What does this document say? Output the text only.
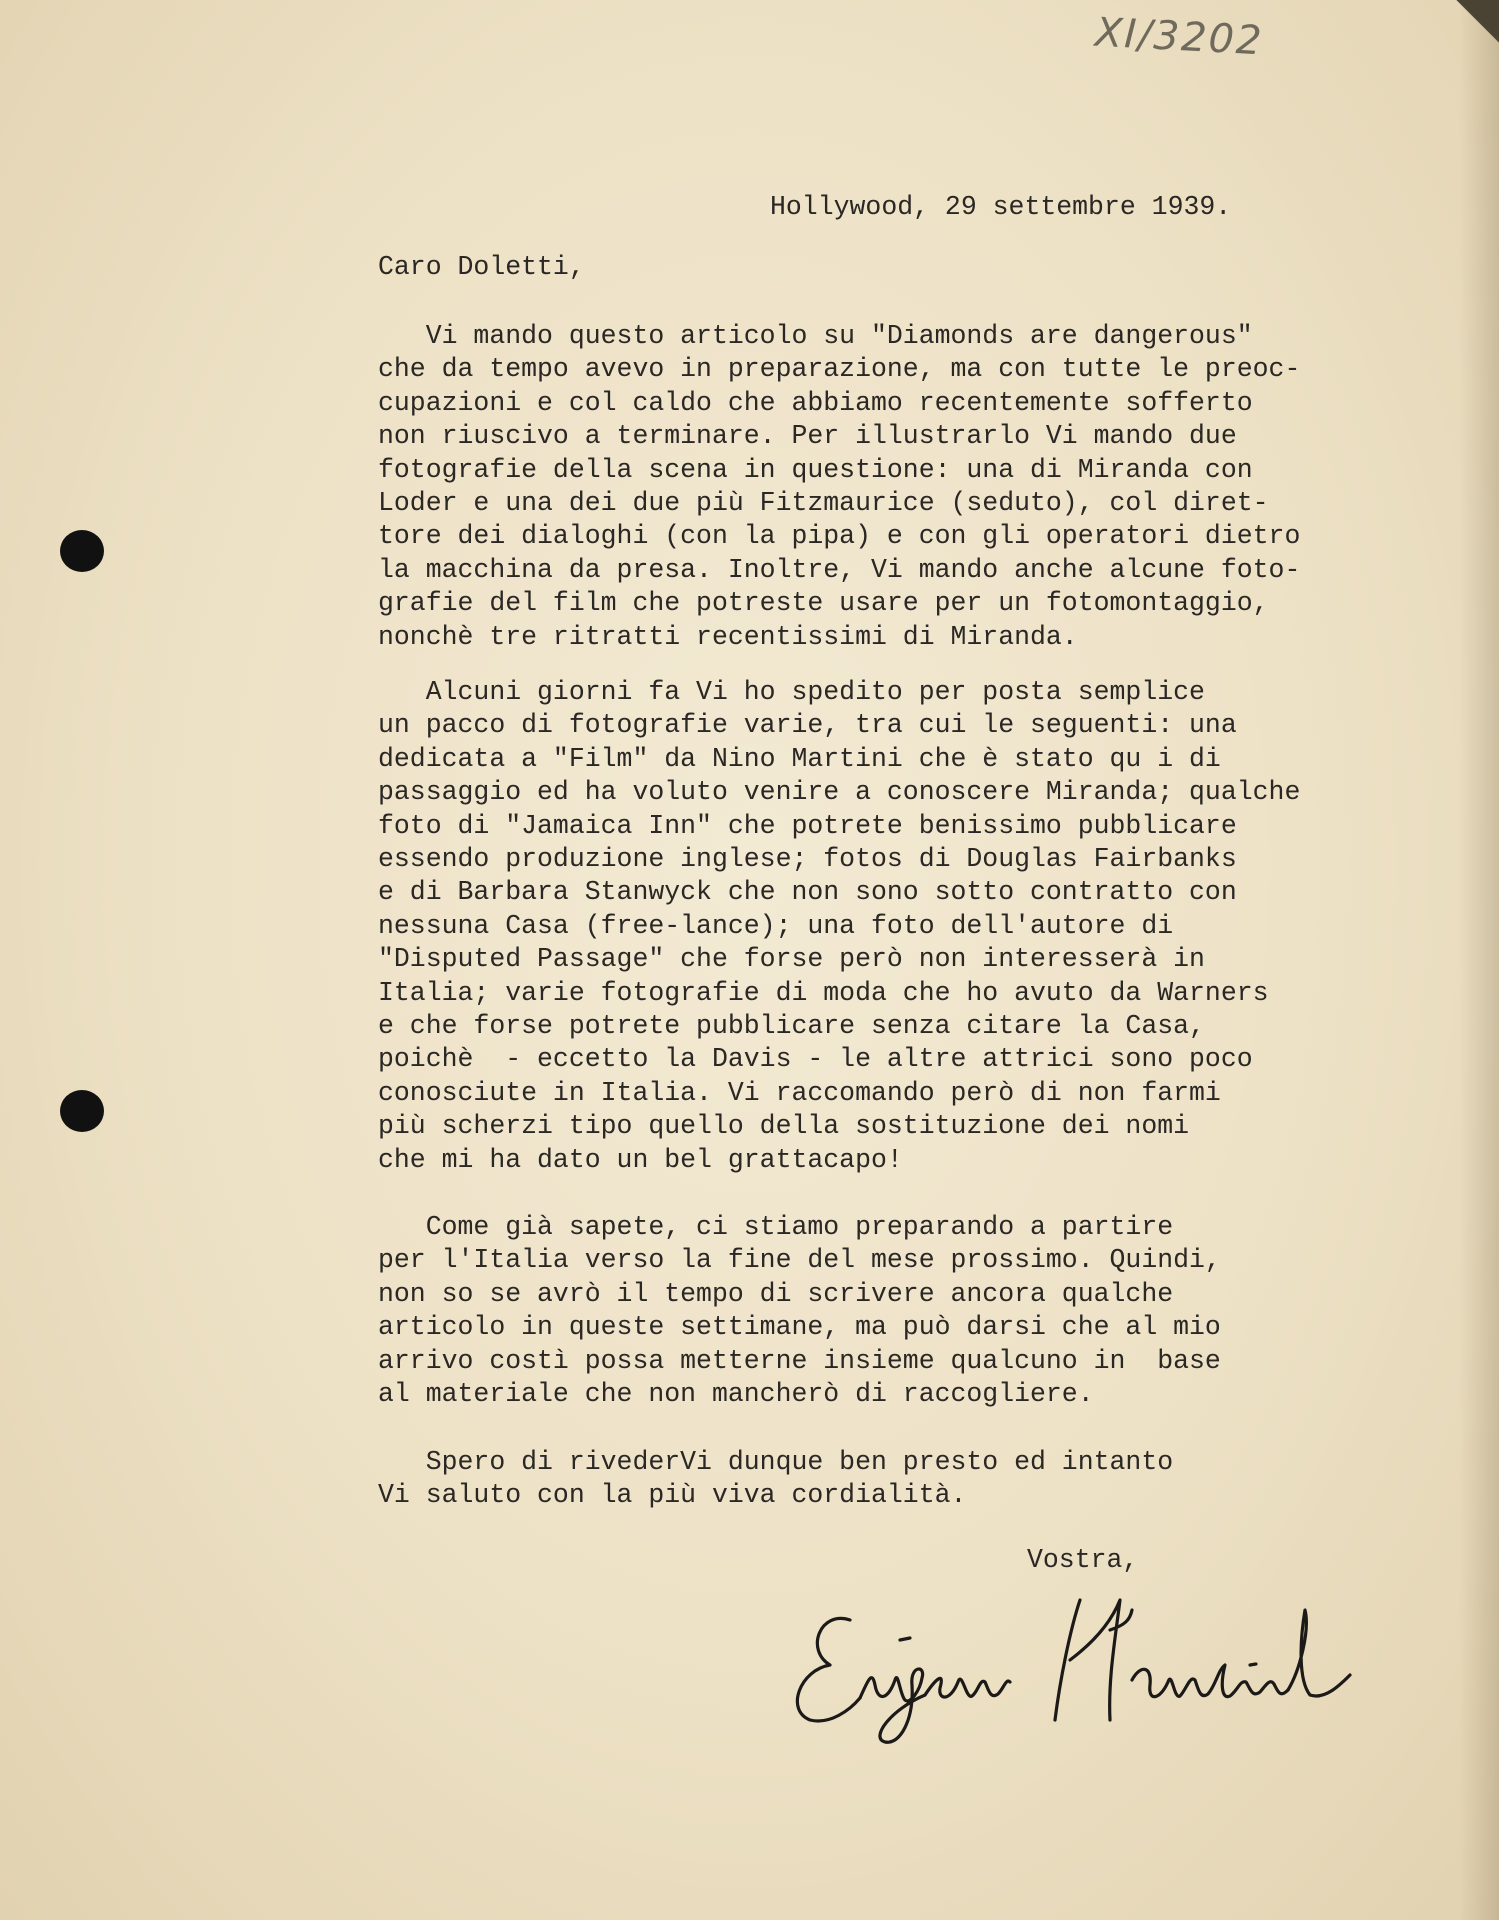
XI/3202

Hollywood, 29 settembre 1939.

Caro Doletti,

Vi mando questo articolo su "Diamonds are dangerous"
che da tempo avevo in preparazione, ma con tutte le preoc-
cupazioni e col caldo che abbiamo recentemente sofferto
non riuscivo a terminare. Per illustrarlo Vi mando due
fotografie della scena in questione: una di Miranda con
Loder e una dei due più Fitzmaurice (seduto), col diret-
tore dei dialoghi (con la pipa) e con gli operatori dietro
la macchina da presa. Inoltre, Vi mando anche alcune foto-
grafie del film che potreste usare per un fotomontaggio,
nonchè tre ritratti recentissimi di Miranda.

Alcuni giorni fa Vi ho spedito per posta semplice
un pacco di fotografie varie, tra cui le seguenti: una
dedicata a "Film" da Nino Martini che è stato qu i di
passaggio ed ha voluto venire a conoscere Miranda; qualche
foto di "Jamaica Inn" che potrete benissimo pubblicare
essendo produzione inglese; fotos di Douglas Fairbanks
e di Barbara Stanwyck che non sono sotto contratto con
nessuna Casa (free-lance); una foto dell'autore di
"Disputed Passage" che forse però non interesserà in
Italia; varie fotografie di moda che ho avuto da Warners
e che forse potrete pubblicare senza citare la Casa,
poichè  - eccetto la Davis - le altre attrici sono poco
conosciute in Italia. Vi raccomando però di non farmi
più scherzi tipo quello della sostituzione dei nomi
che mi ha dato un bel grattacapo!

Come già sapete, ci stiamo preparando a partire
per l'Italia verso la fine del mese prossimo. Quindi,
non so se avrò il tempo di scrivere ancora qualche
articolo in queste settimane, ma può darsi che al mio
arrivo costì possa metterne insieme qualcuno in  base
al materiale che non mancherò di raccogliere.

Spero di rivederVi dunque ben presto ed intanto
Vi saluto con la più viva cordialità.

Vostra,
